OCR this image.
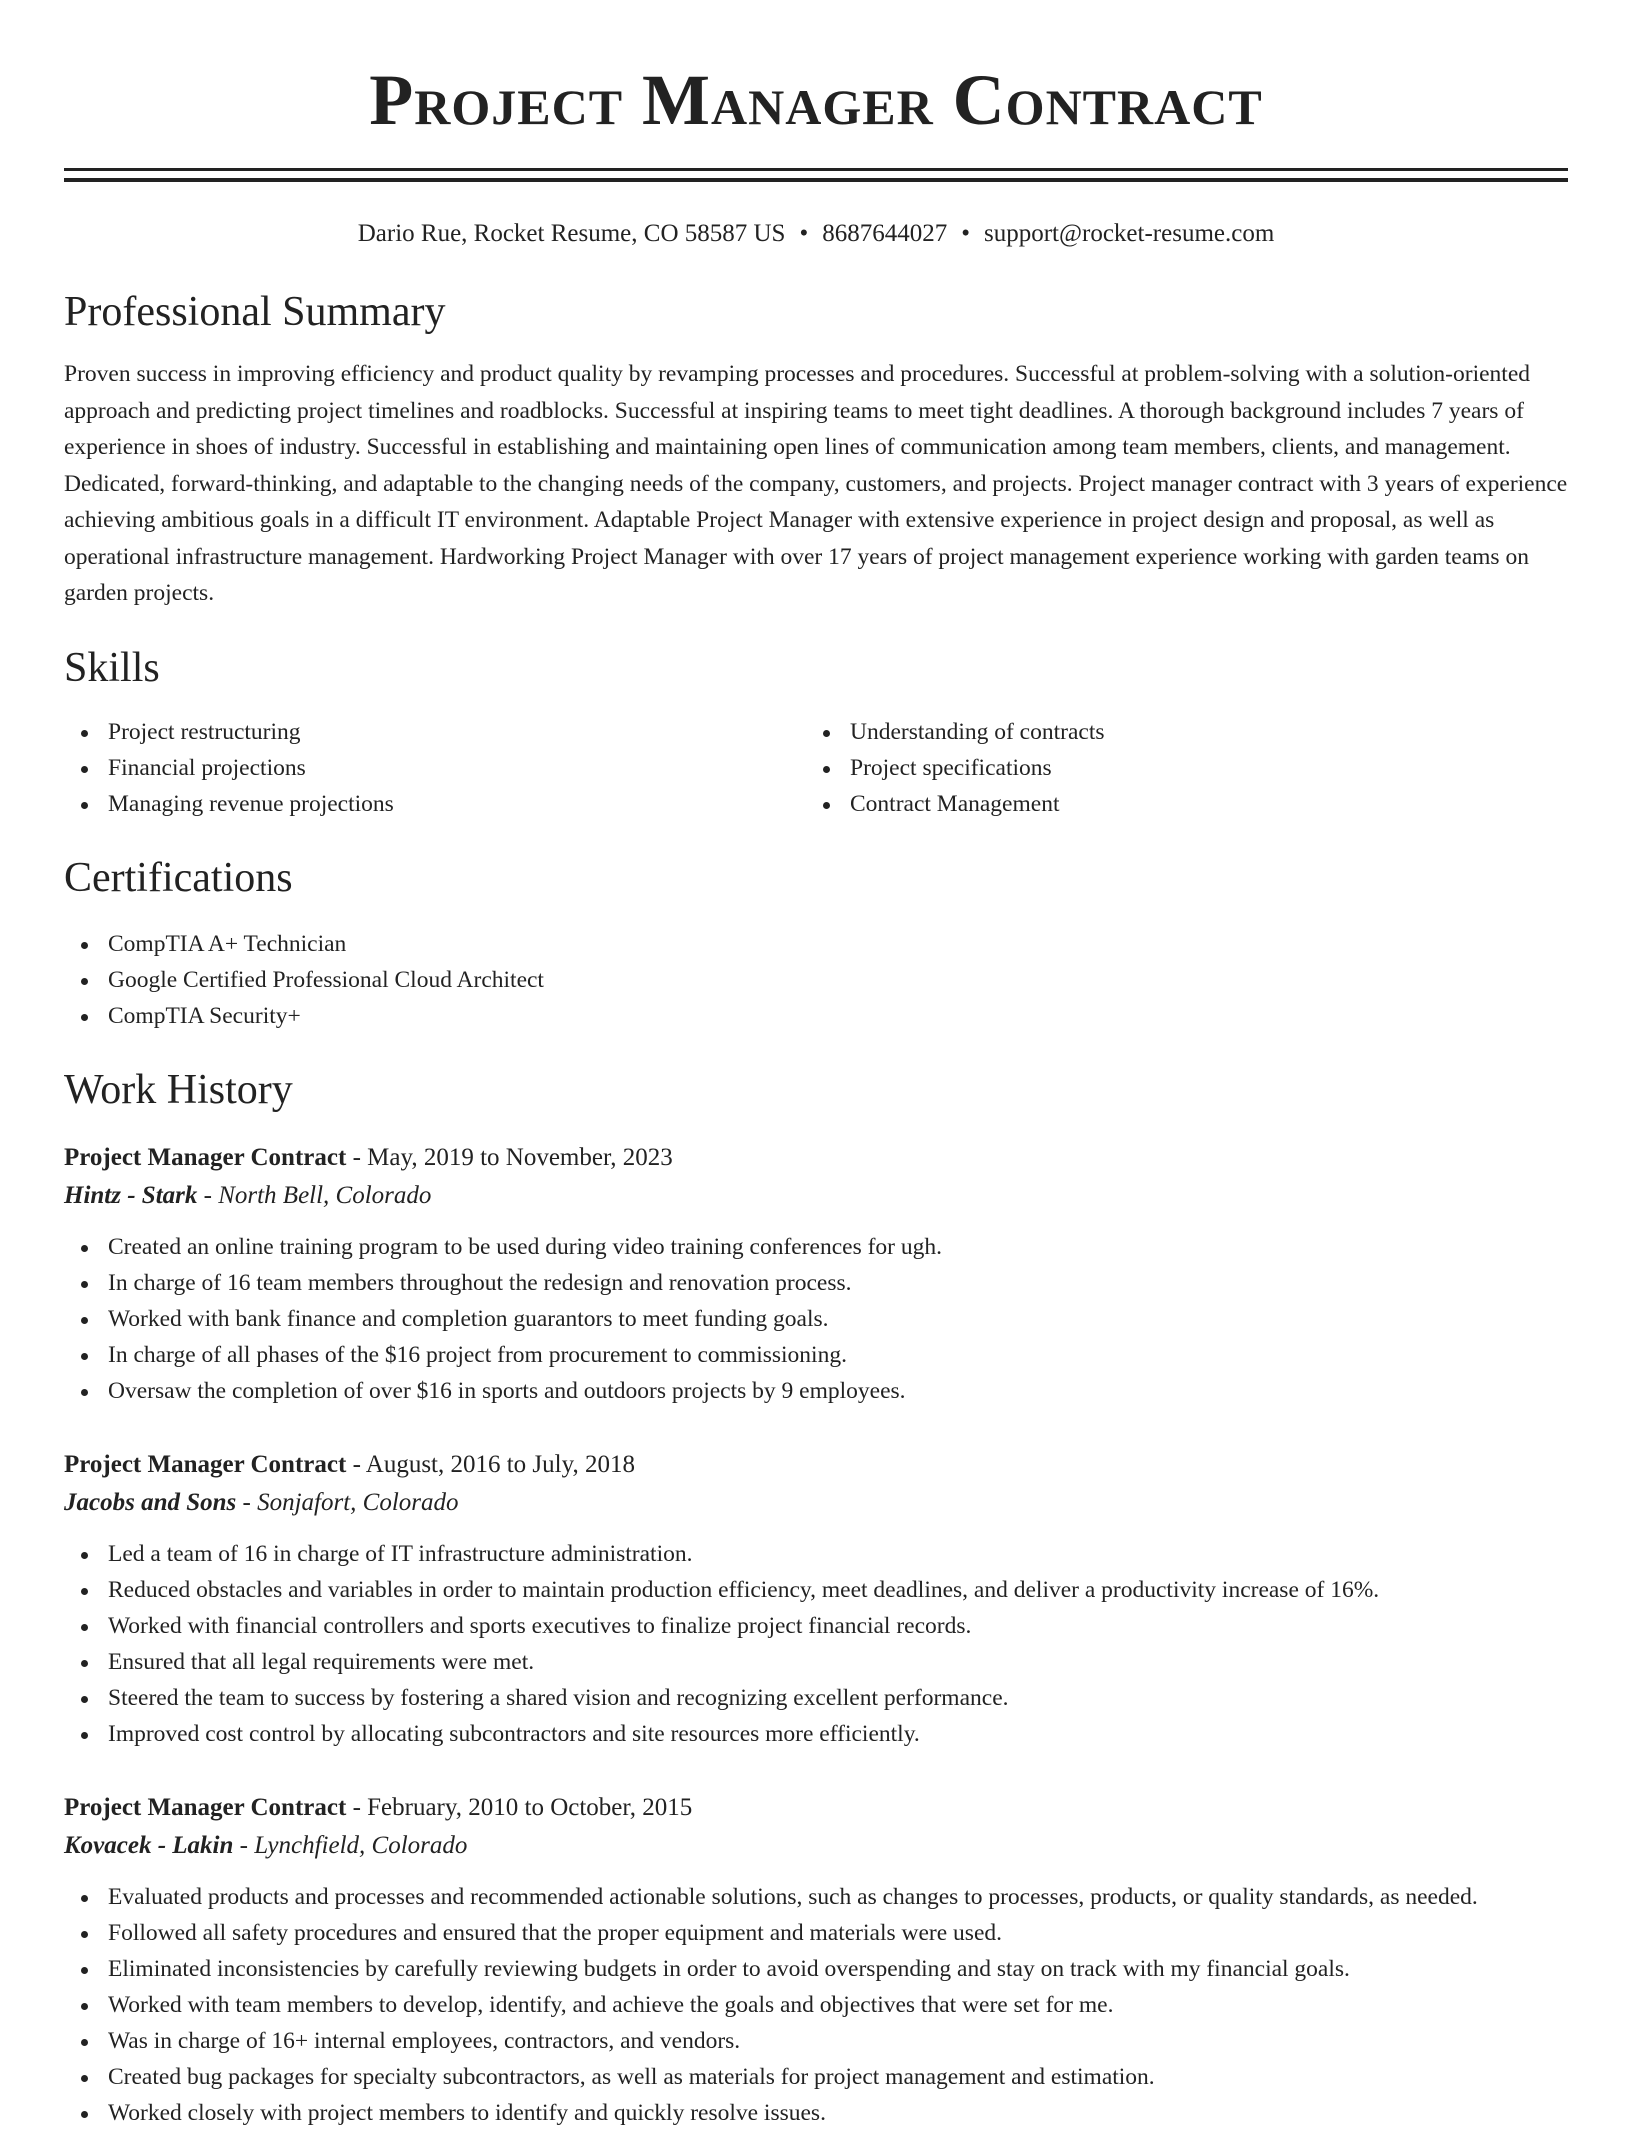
Project Manager Contract
Dario Rue, Rocket Resume, CO 58587 US • 8687644027 • support@rocket-resume.com
Professional Summary

Proven success in improving efficiency and product quality by revamping processes and procedures. Successful at problem-solving with a solution-oriented approach and predicting project timelines and roadblocks. Successful at inspiring teams to meet tight deadlines. A thorough background includes 7 years of experience in shoes of industry. Successful in establishing and maintaining open lines of communication among team members, clients, and management. Dedicated, forward-thinking, and adaptable to the changing needs of the company, customers, and projects. Project manager contract with 3 years of experience achieving ambitious goals in a difficult IT environment. Adaptable Project Manager with extensive experience in project design and proposal, as well as operational infrastructure management. Hardworking Project Manager with over 17 years of project management experience working with garden teams on garden projects.

Skills
Project restructuring
Financial projections
Managing revenue projections
Understanding of contracts
Project specifications
Contract Management
Certifications
CompTIA A+ Technician
Google Certified Professional Cloud Architect
CompTIA Security+
Work History
Project Manager Contract - May, 2019 to November, 2023
Hintz - Stark - North Bell, Colorado
Created an online training program to be used during video training conferences for ugh.
In charge of 16 team members throughout the redesign and renovation process.
Worked with bank finance and completion guarantors to meet funding goals.
In charge of all phases of the $16 project from procurement to commissioning.
Oversaw the completion of over $16 in sports and outdoors projects by 9 employees.
Project Manager Contract - August, 2016 to July, 2018
Jacobs and Sons - Sonjafort, Colorado
Led a team of 16 in charge of IT infrastructure administration.
Reduced obstacles and variables in order to maintain production efficiency, meet deadlines, and deliver a productivity increase of 16%.
Worked with financial controllers and sports executives to finalize project financial records.
Ensured that all legal requirements were met.
Steered the team to success by fostering a shared vision and recognizing excellent performance.
Improved cost control by allocating subcontractors and site resources more efficiently.
Project Manager Contract - February, 2010 to October, 2015
Kovacek - Lakin - Lynchfield, Colorado
Evaluated products and processes and recommended actionable solutions, such as changes to processes, products, or quality standards, as needed.
Followed all safety procedures and ensured that the proper equipment and materials were used.
Eliminated inconsistencies by carefully reviewing budgets in order to avoid overspending and stay on track with my financial goals.
Worked with team members to develop, identify, and achieve the goals and objectives that were set for me.
Was in charge of 16+ internal employees, contractors, and vendors.
Created bug packages for specialty subcontractors, as well as materials for project management and estimation.
Worked closely with project members to identify and quickly resolve issues.
